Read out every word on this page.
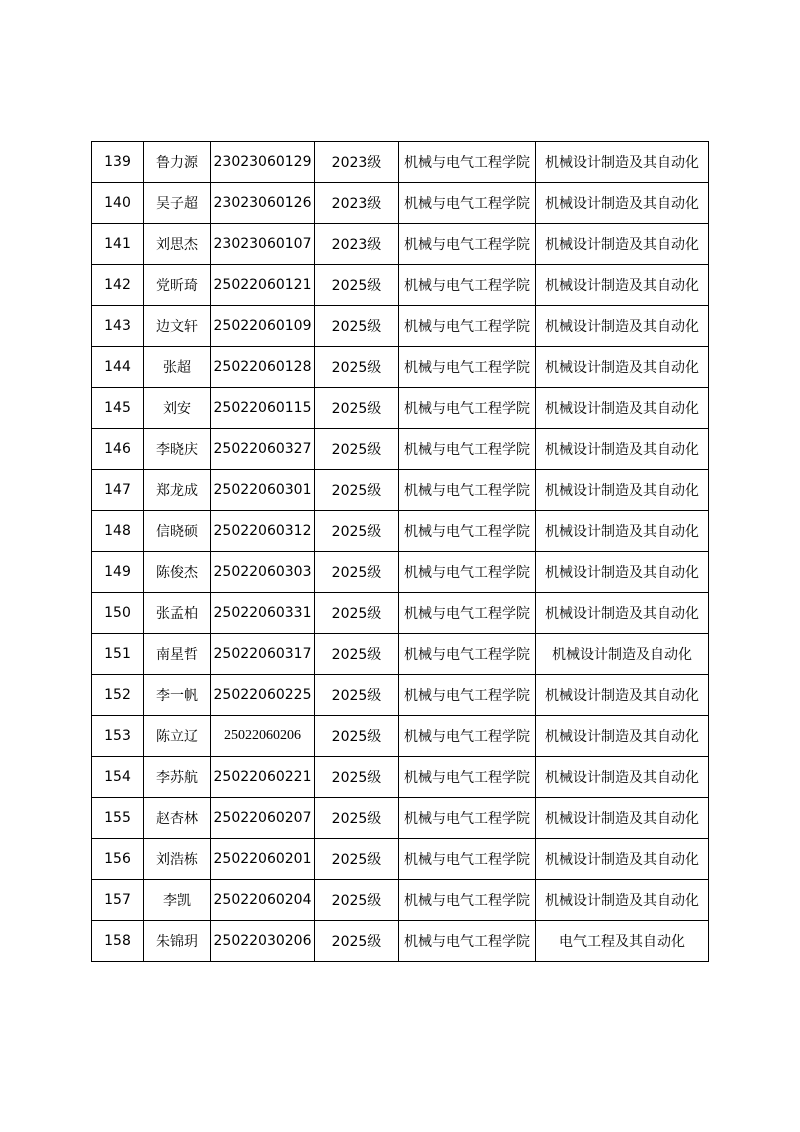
139	鲁力源	23023060129	2023级	机械与电气工程学院	机械设计制造及其自动化
140	吴子超	23023060126	2023级	机械与电气工程学院	机械设计制造及其自动化
141	刘思杰	23023060107	2023级	机械与电气工程学院	机械设计制造及其自动化
142	党昕琦	25022060121	2025级	机械与电气工程学院	机械设计制造及其自动化
143	边文轩	25022060109	2025级	机械与电气工程学院	机械设计制造及其自动化
144	张超	25022060128	2025级	机械与电气工程学院	机械设计制造及其自动化
145	刘安	25022060115	2025级	机械与电气工程学院	机械设计制造及其自动化
146	李晓庆	25022060327	2025级	机械与电气工程学院	机械设计制造及其自动化
147	郑龙成	25022060301	2025级	机械与电气工程学院	机械设计制造及其自动化
148	信晓硕	25022060312	2025级	机械与电气工程学院	机械设计制造及其自动化
149	陈俊杰	25022060303	2025级	机械与电气工程学院	机械设计制造及其自动化
150	张孟柏	25022060331	2025级	机械与电气工程学院	机械设计制造及其自动化
151	南星哲	25022060317	2025级	机械与电气工程学院	机械设计制造及自动化
152	李一帆	25022060225	2025级	机械与电气工程学院	机械设计制造及其自动化
153	陈立辽	25022060206	2025级	机械与电气工程学院	机械设计制造及其自动化
154	李苏航	25022060221	2025级	机械与电气工程学院	机械设计制造及其自动化
155	赵杏林	25022060207	2025级	机械与电气工程学院	机械设计制造及其自动化
156	刘浩栋	25022060201	2025级	机械与电气工程学院	机械设计制造及其自动化
157	李凯	25022060204	2025级	机械与电气工程学院	机械设计制造及其自动化
158	朱锦玥	25022030206	2025级	机械与电气工程学院	电气工程及其自动化
